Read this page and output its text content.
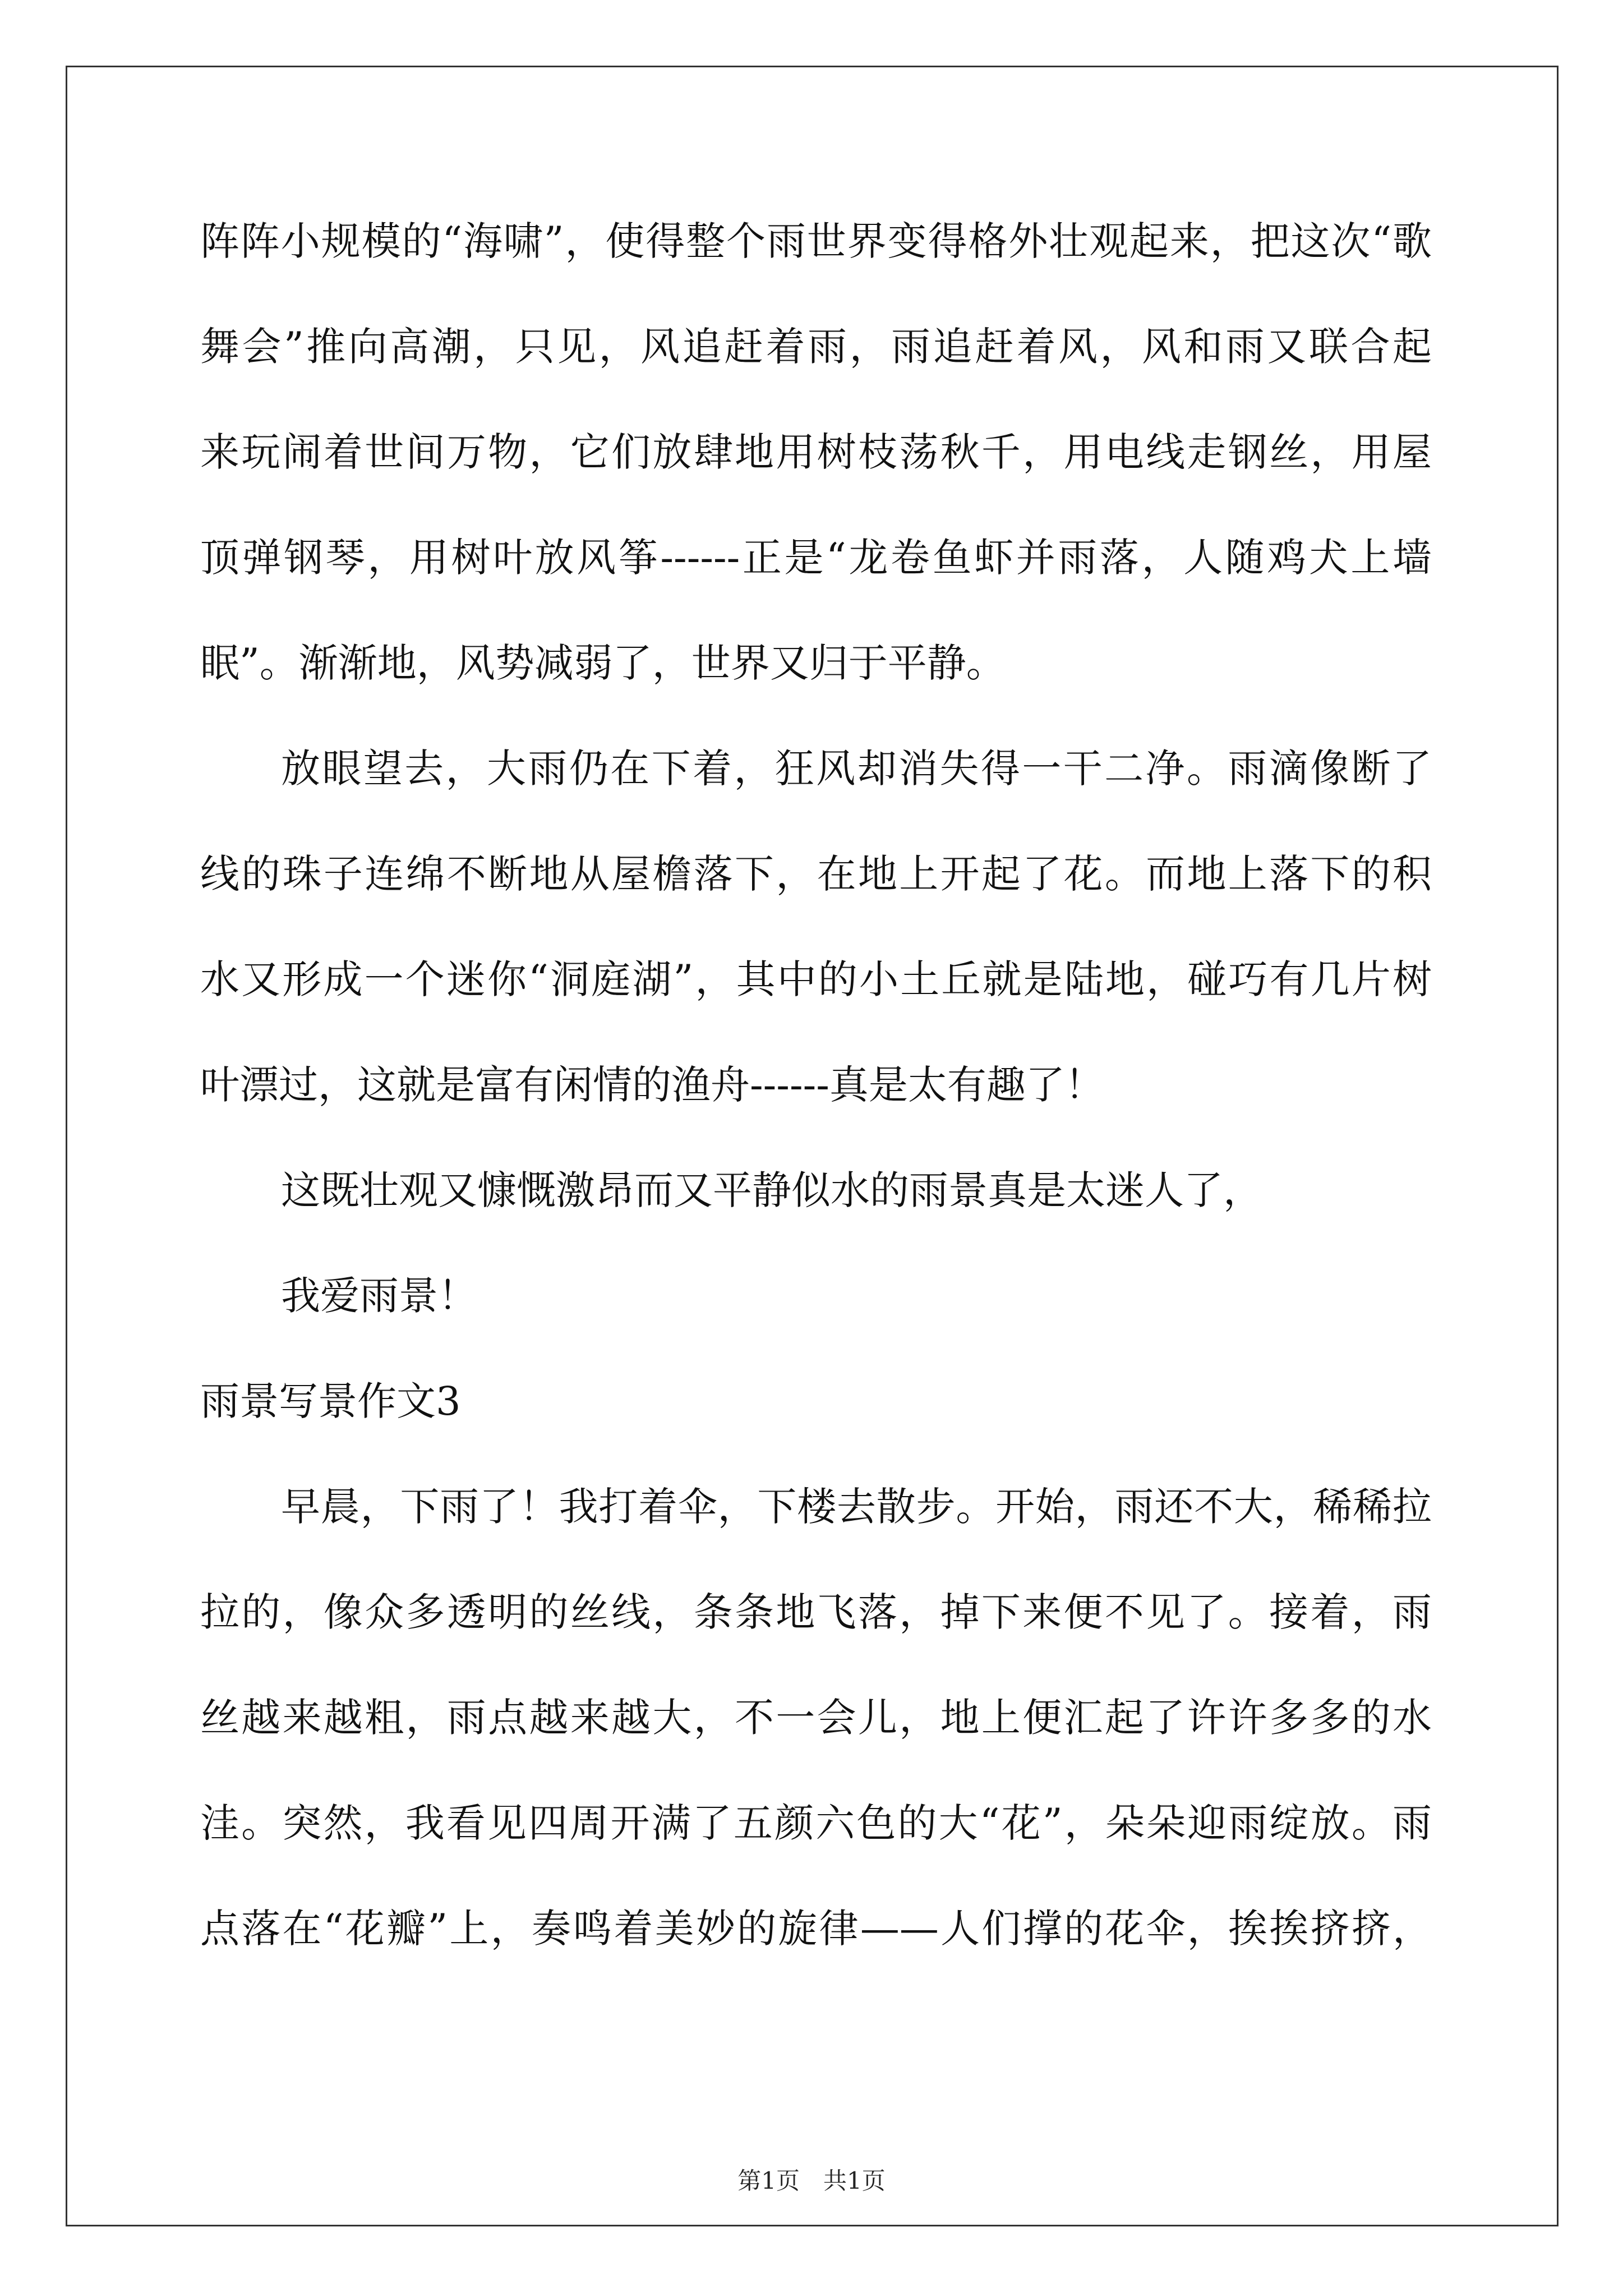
阵阵小规模的“海啸”，使得整个雨世界变得格外壮观起来，把这次“歌
舞会”推向高潮，只见，风追赶着雨，雨追赶着风，风和雨又联合起
来玩闹着世间万物，它们放肆地用树枝荡秋千，用电线走钢丝，用屋
顶弹钢琴，用树叶放风筝------正是“龙卷鱼虾并雨落，人随鸡犬上墙
眠”。渐渐地，风势减弱了，世界又归于平静。
放眼望去，大雨仍在下着，狂风却消失得一干二净。雨滴像断了
线的珠子连绵不断地从屋檐落下，在地上开起了花。而地上落下的积
水又形成一个迷你“洞庭湖”，其中的小土丘就是陆地，碰巧有几片树
叶漂过，这就是富有闲情的渔舟------真是太有趣了！
这既壮观又慷慨激昂而又平静似水的雨景真是太迷人了，
我爱雨景！
雨景写景作文3
早晨，下雨了！我打着伞，下楼去散步。开始，雨还不大，稀稀拉
拉的，像众多透明的丝线，条条地飞落，掉下来便不见了。接着，雨
丝越来越粗，雨点越来越大，不一会儿，地上便汇起了许许多多的水
洼。突然，我看见四周开满了五颜六色的大“花”，朵朵迎雨绽放。雨
点落在“花瓣”上，奏鸣着美妙的旋律——人们撑的花伞，挨挨挤挤，
第1页　共1页
